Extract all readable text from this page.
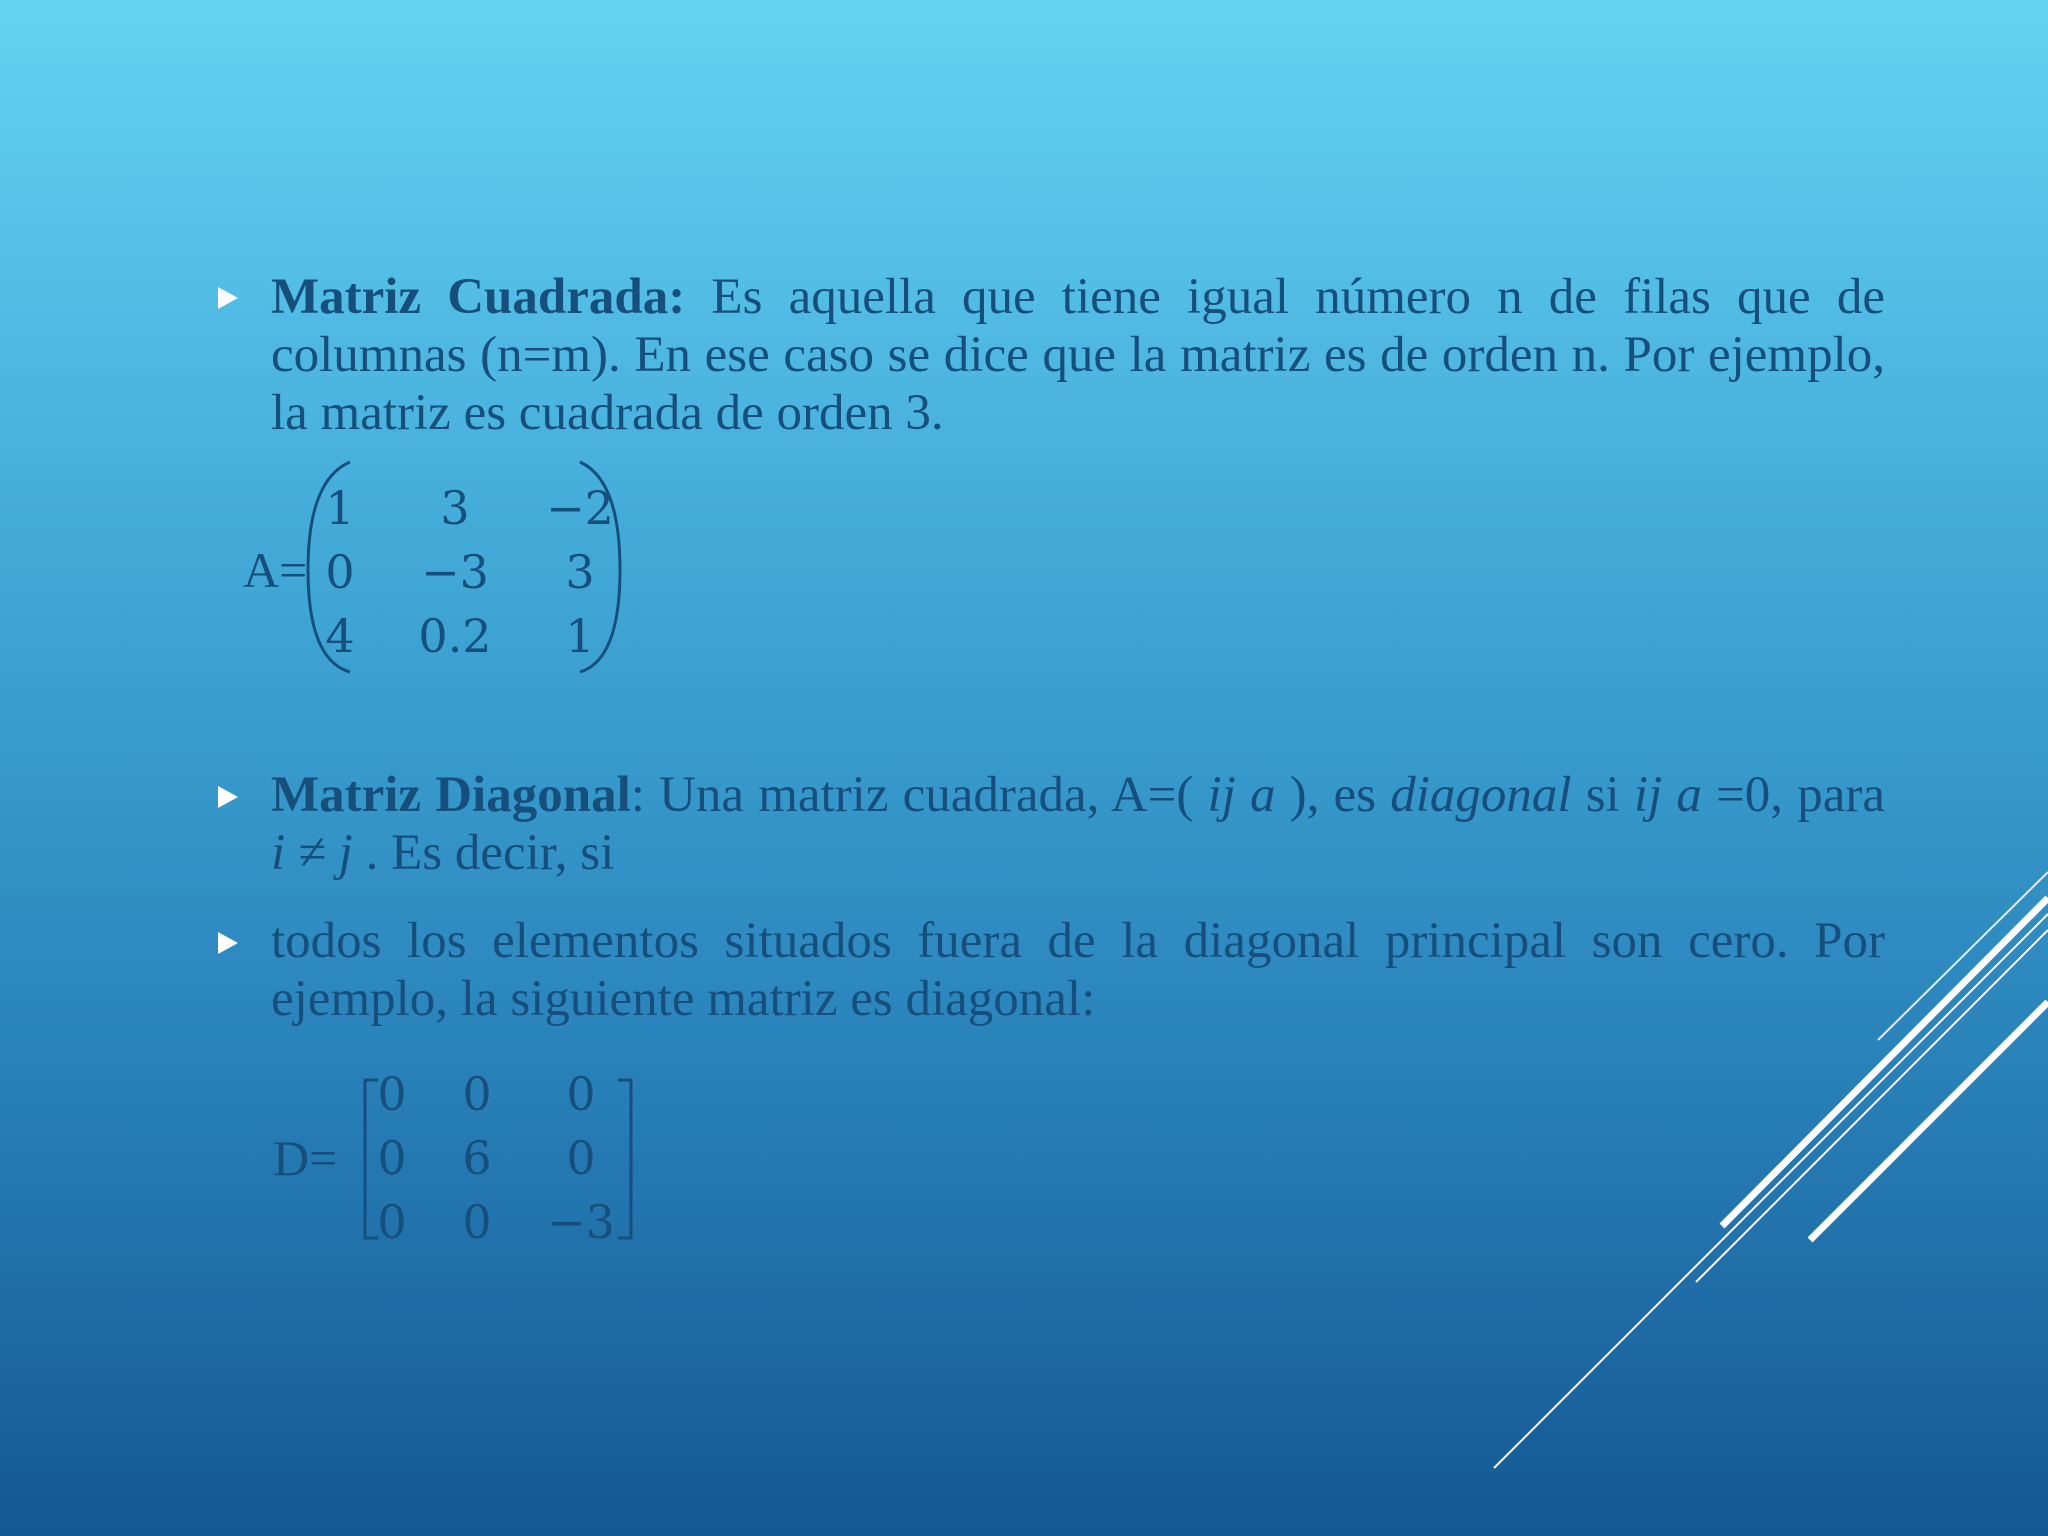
Matriz Cuadrada: Es aquella que tiene igual número n de filas que de columnas (n=m). En ese caso se dice que la matriz es de orden n. Por ejemplo, la matriz es cuadrada de orden 3.

A=
1	3	−2
0	−3	3
4	0.2	1

Matriz Diagonal: Una matriz cuadrada, A=( ij a ), es diagonal si ij a =0, para i ≠ j . Es decir, si

todos los elementos situados fuera de la diagonal principal son cero. Por ejemplo, la siguiente matriz es diagonal:

D=
0	0	0
0	6	0
0	0	−3
